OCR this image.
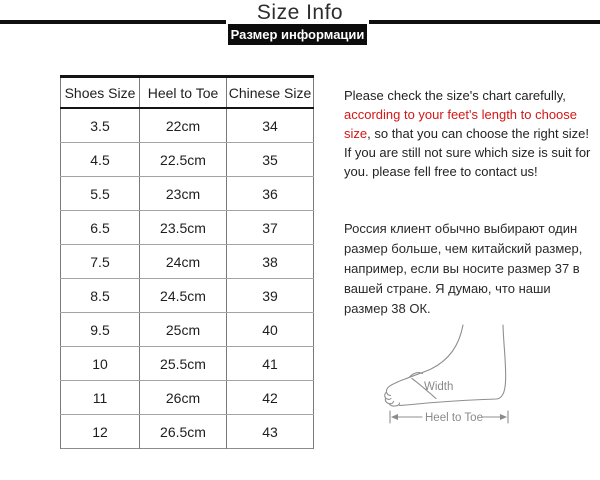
Size Info
Размер информации
Shoes Size	Heel to Toe	Chinese Size
3.5	22cm	34
4.5	22.5cm	35
5.5	23cm	36
6.5	23.5cm	37
7.5	24cm	38
8.5	24.5cm	39
9.5	25cm	40
10	25.5cm	41
11	26cm	42
12	26.5cm	43
Please check the size's chart carefully,
according to your feet's length to choose
size, so that you can choose the right size!
If you are still not sure which size is suit for
you. please fell free to contact us!
Россия клиент обычно выбирают один
размер больше, чем китайский размер,
например, если вы носите размер 37 в
вашей стране. Я думаю, что наши
размер 38 ОК.
Width
Heel to Toe
